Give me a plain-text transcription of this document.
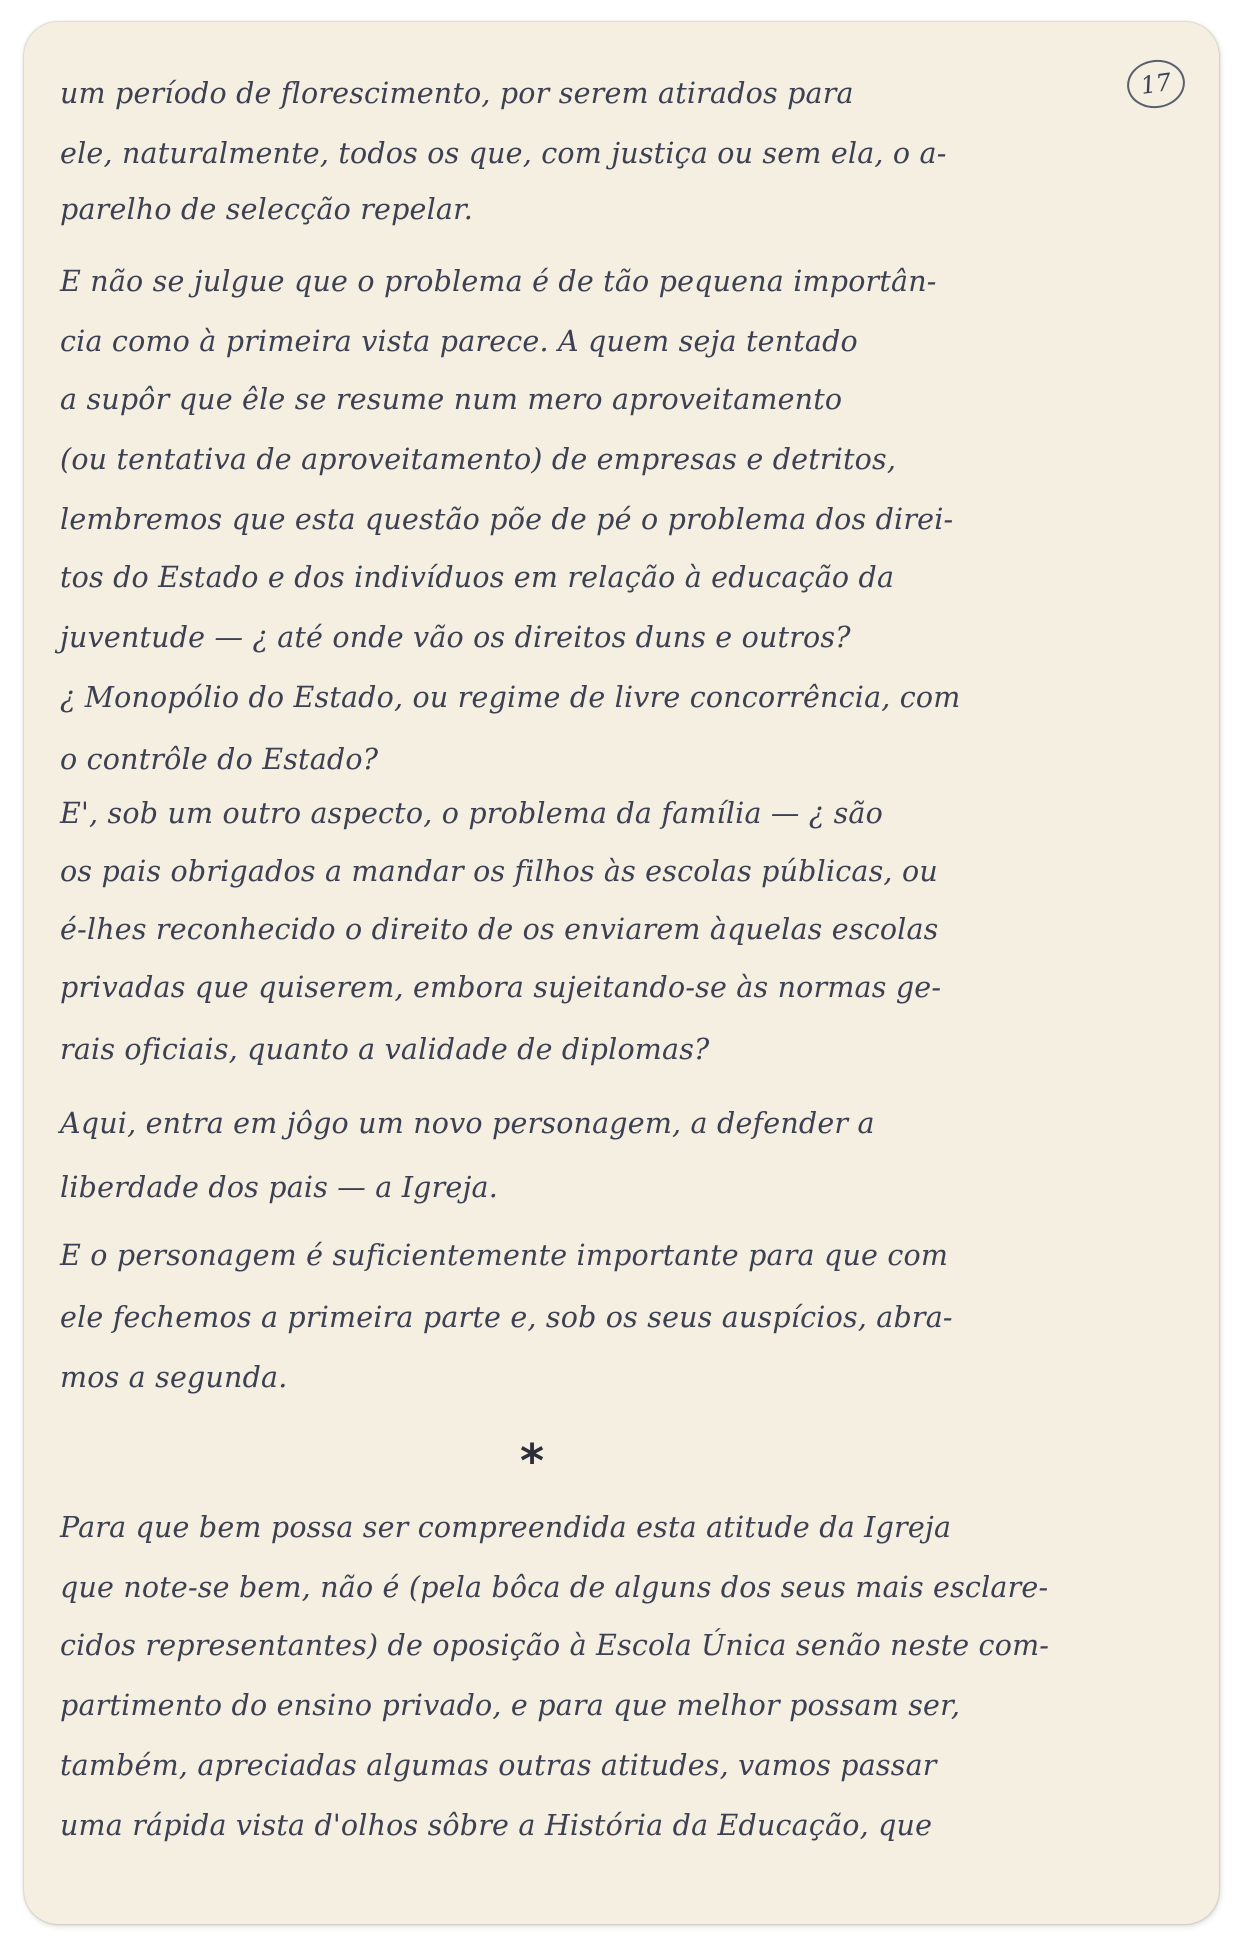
17
um período de florescimento, por serem atirados para
ele, naturalmente, todos os que, com justiça ou sem ela, o a-
parelho de selecção repelar.
E não se julgue que o problema é de tão pequena importân-
cia como à primeira vista parece. A quem seja tentado
a supôr que êle se resume num mero aproveitamento
(ou tentativa de aproveitamento) de empresas e detritos,
lembremos que esta questão põe de pé o problema dos direi-
tos do Estado e dos indivíduos em relação à educação da
juventude — ¿ até onde vão os direitos duns e outros?
¿ Monopólio do Estado, ou regime de livre concorrência, com
o contrôle do Estado?
E', sob um outro aspecto, o problema da família — ¿ são
os pais obrigados a mandar os filhos às escolas públicas, ou
é-lhes reconhecido o direito de os enviarem àquelas escolas
privadas que quiserem, embora sujeitando-se às normas ge-
rais oficiais, quanto a validade de diplomas?
Aqui, entra em jôgo um novo personagem, a defender a
liberdade dos pais — a Igreja.
E o personagem é suficientemente importante para que com
ele fechemos a primeira parte e, sob os seus auspícios, abra-
mos a segunda.
*
Para que bem possa ser compreendida esta atitude da Igreja
que note-se bem, não é (pela bôca de alguns dos seus mais esclare-
cidos representantes) de oposição à Escola Única senão neste com-
partimento do ensino privado, e para que melhor possam ser,
também, apreciadas algumas outras atitudes, vamos passar
uma rápida vista d'olhos sôbre a História da Educação, que
